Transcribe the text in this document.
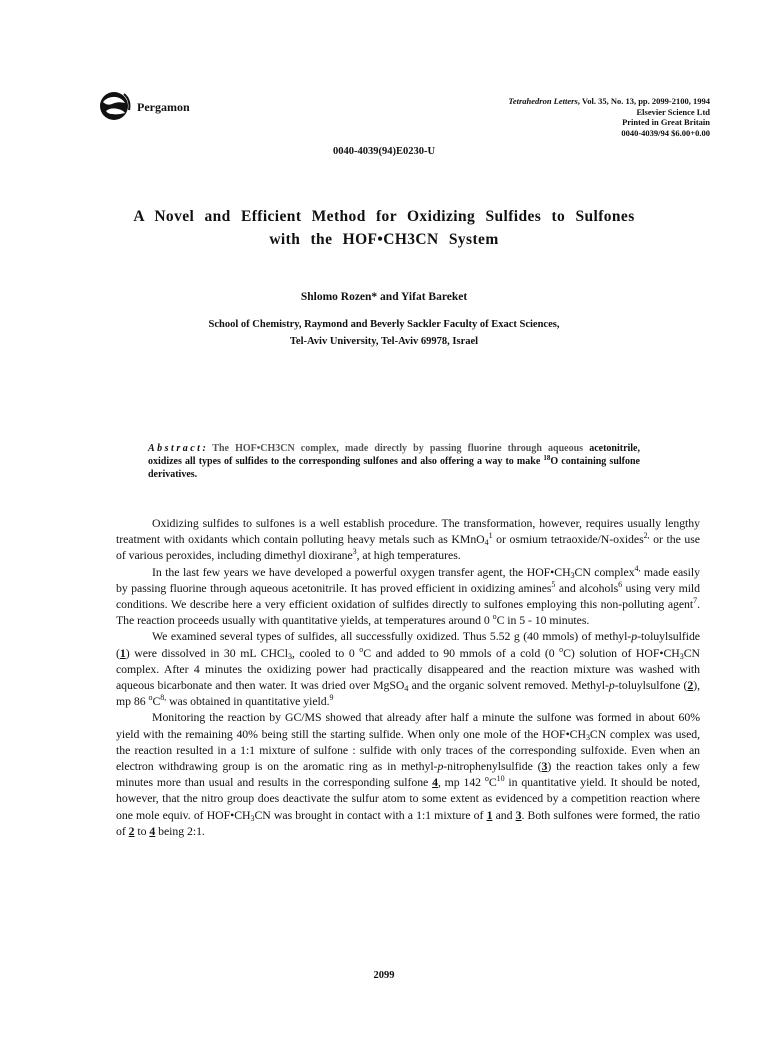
Pergamon	Tetrahedron Letters, Vol. 35, No. 13, pp. 2099-2100, 1994
Elsevier Science Ltd
Printed in Great Britain
0040-4039/94 $6.00+0.00
0040-4039(94)E0230-U
A Novel and Efficient Method for Oxidizing Sulfides to Sulfones
with the HOF•CH3CN System
Shlomo Rozen* and Yifat Bareket
School of Chemistry, Raymond and Beverly Sackler Faculty of Exact Sciences,
Tel-Aviv University, Tel-Aviv 69978, Israel
Abstract: The HOF•CH3CN complex, made directly by passing fluorine through aqueous acetonitrile, oxidizes all types of sulfides to the corresponding sulfones and also offering a way to make $^{18}$O containing sulfone derivatives.

Oxidizing sulfides to sulfones is a well establish procedure. The transformation, however, requires usually lengthy treatment with oxidants which contain polluting heavy metals such as KMnO$_4^1$ or osmium tetraoxide/N-oxides$^{2,}$ or the use of various peroxides, including dimethyl dioxirane$^3$, at high temperatures.

In the last few years we have developed a powerful oxygen transfer agent, the $HOF•CH_3CN$ complex$^{4,}$ made easily by passing fluorine through aqueous acetonitrile. It has proved efficient in oxidizing amines$^5$ and alcohols$^6$ using very mild conditions. We describe here a very efficient oxidation of sulfides directly to sulfones employing this non-polluting agent$^7$. The reaction proceeds usually with quantitative yields, at temperatures around 0 $^o$C in 5 - 10 minutes.

We examined several types of sulfides, all successfully oxidized. Thus 5.52 g (40 mmols) of methyl-p-toluylsulfide (1) were dissolved in 30 mL CHCl$_3$, cooled to 0 $^o$C and added to 90 mmols of a cold (0 $^o$C) solution of $HOF•CH_3CN$ complex. After 4 minutes the oxidizing power had practically disappeared and the reaction mixture was washed with aqueous bicarbonate and then water. It was dried over MgSO$_4$ and the organic solvent removed. Methyl-p-toluylsulfone (2), mp 86 $^oC^{8,}$ was obtained in quantitative yield.$^9$

Monitoring the reaction by GC/MS showed that already after half a minute the sulfone was formed in about 60% yield with the remaining 40% being still the starting sulfide. When only one mole of the $HOF•CH_3CN$ complex was used, the reaction resulted in a 1:1 mixture of sulfone : sulfide with only traces of the corresponding sulfoxide. Even when an electron withdrawing group is on the aromatic ring as in methyl-p-nitrophenylsulfide (3) the reaction takes only a few minutes more than usual and results in the corresponding sulfone 4, mp 142 $^oC^{10}$ in quantitative yield. It should be noted, however, that the nitro group does deactivate the sulfur atom to some extent as evidenced by a competition reaction where one mole equiv. of $HOF•CH_3CN$ was brought in contact with a 1:1 mixture of 1 and 3. Both sulfones were formed, the ratio of 2 to 4 being 2:1.

2099
